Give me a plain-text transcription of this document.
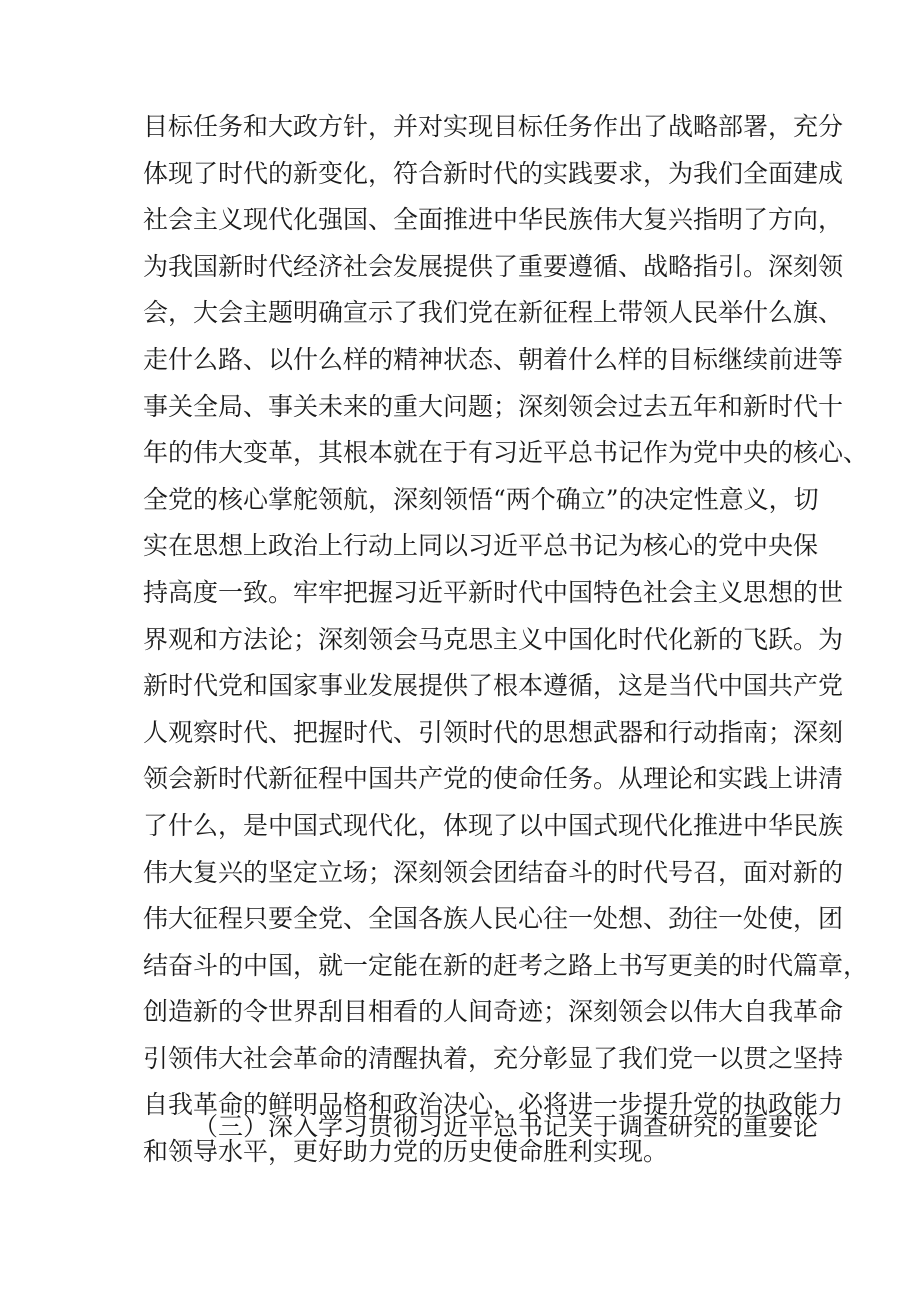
目标任务和大政方针，并对实现目标任务作出了战略部署，充分
体现了时代的新变化，符合新时代的实践要求，为我们全面建成
社会主义现代化强国、全面推进中华民族伟大复兴指明了方向，
为我国新时代经济社会发展提供了重要遵循、战略指引。深刻领
会，大会主题明确宣示了我们党在新征程上带领人民举什么旗、
走什么路、以什么样的精神状态、朝着什么样的目标继续前进等
事关全局、事关未来的重大问题；深刻领会过去五年和新时代十
年的伟大变革，其根本就在于有习近平总书记作为党中央的核心、
全党的核心掌舵领航，深刻领悟“两个确立”的决定性意义，切
实在思想上政治上行动上同以习近平总书记为核心的党中央保
持高度一致。牢牢把握习近平新时代中国特色社会主义思想的世
界观和方法论；深刻领会马克思主义中国化时代化新的飞跃。为
新时代党和国家事业发展提供了根本遵循，这是当代中国共产党
人观察时代、把握时代、引领时代的思想武器和行动指南；深刻
领会新时代新征程中国共产党的使命任务。从理论和实践上讲清
了什么，是中国式现代化，体现了以中国式现代化推进中华民族
伟大复兴的坚定立场；深刻领会团结奋斗的时代号召，面对新的
伟大征程只要全党、全国各族人民心往一处想、劲往一处使，团
结奋斗的中国，就一定能在新的赶考之路上书写更美的时代篇章，
创造新的令世界刮目相看的人间奇迹；深刻领会以伟大自我革命
引领伟大社会革命的清醒执着，充分彰显了我们党一以贯之坚持
自我革命的鲜明品格和政治决心，必将进一步提升党的执政能力
和领导水平，更好助力党的历史使命胜利实现。
（三）深入学习贯彻习近平总书记关于调查研究的重要论
